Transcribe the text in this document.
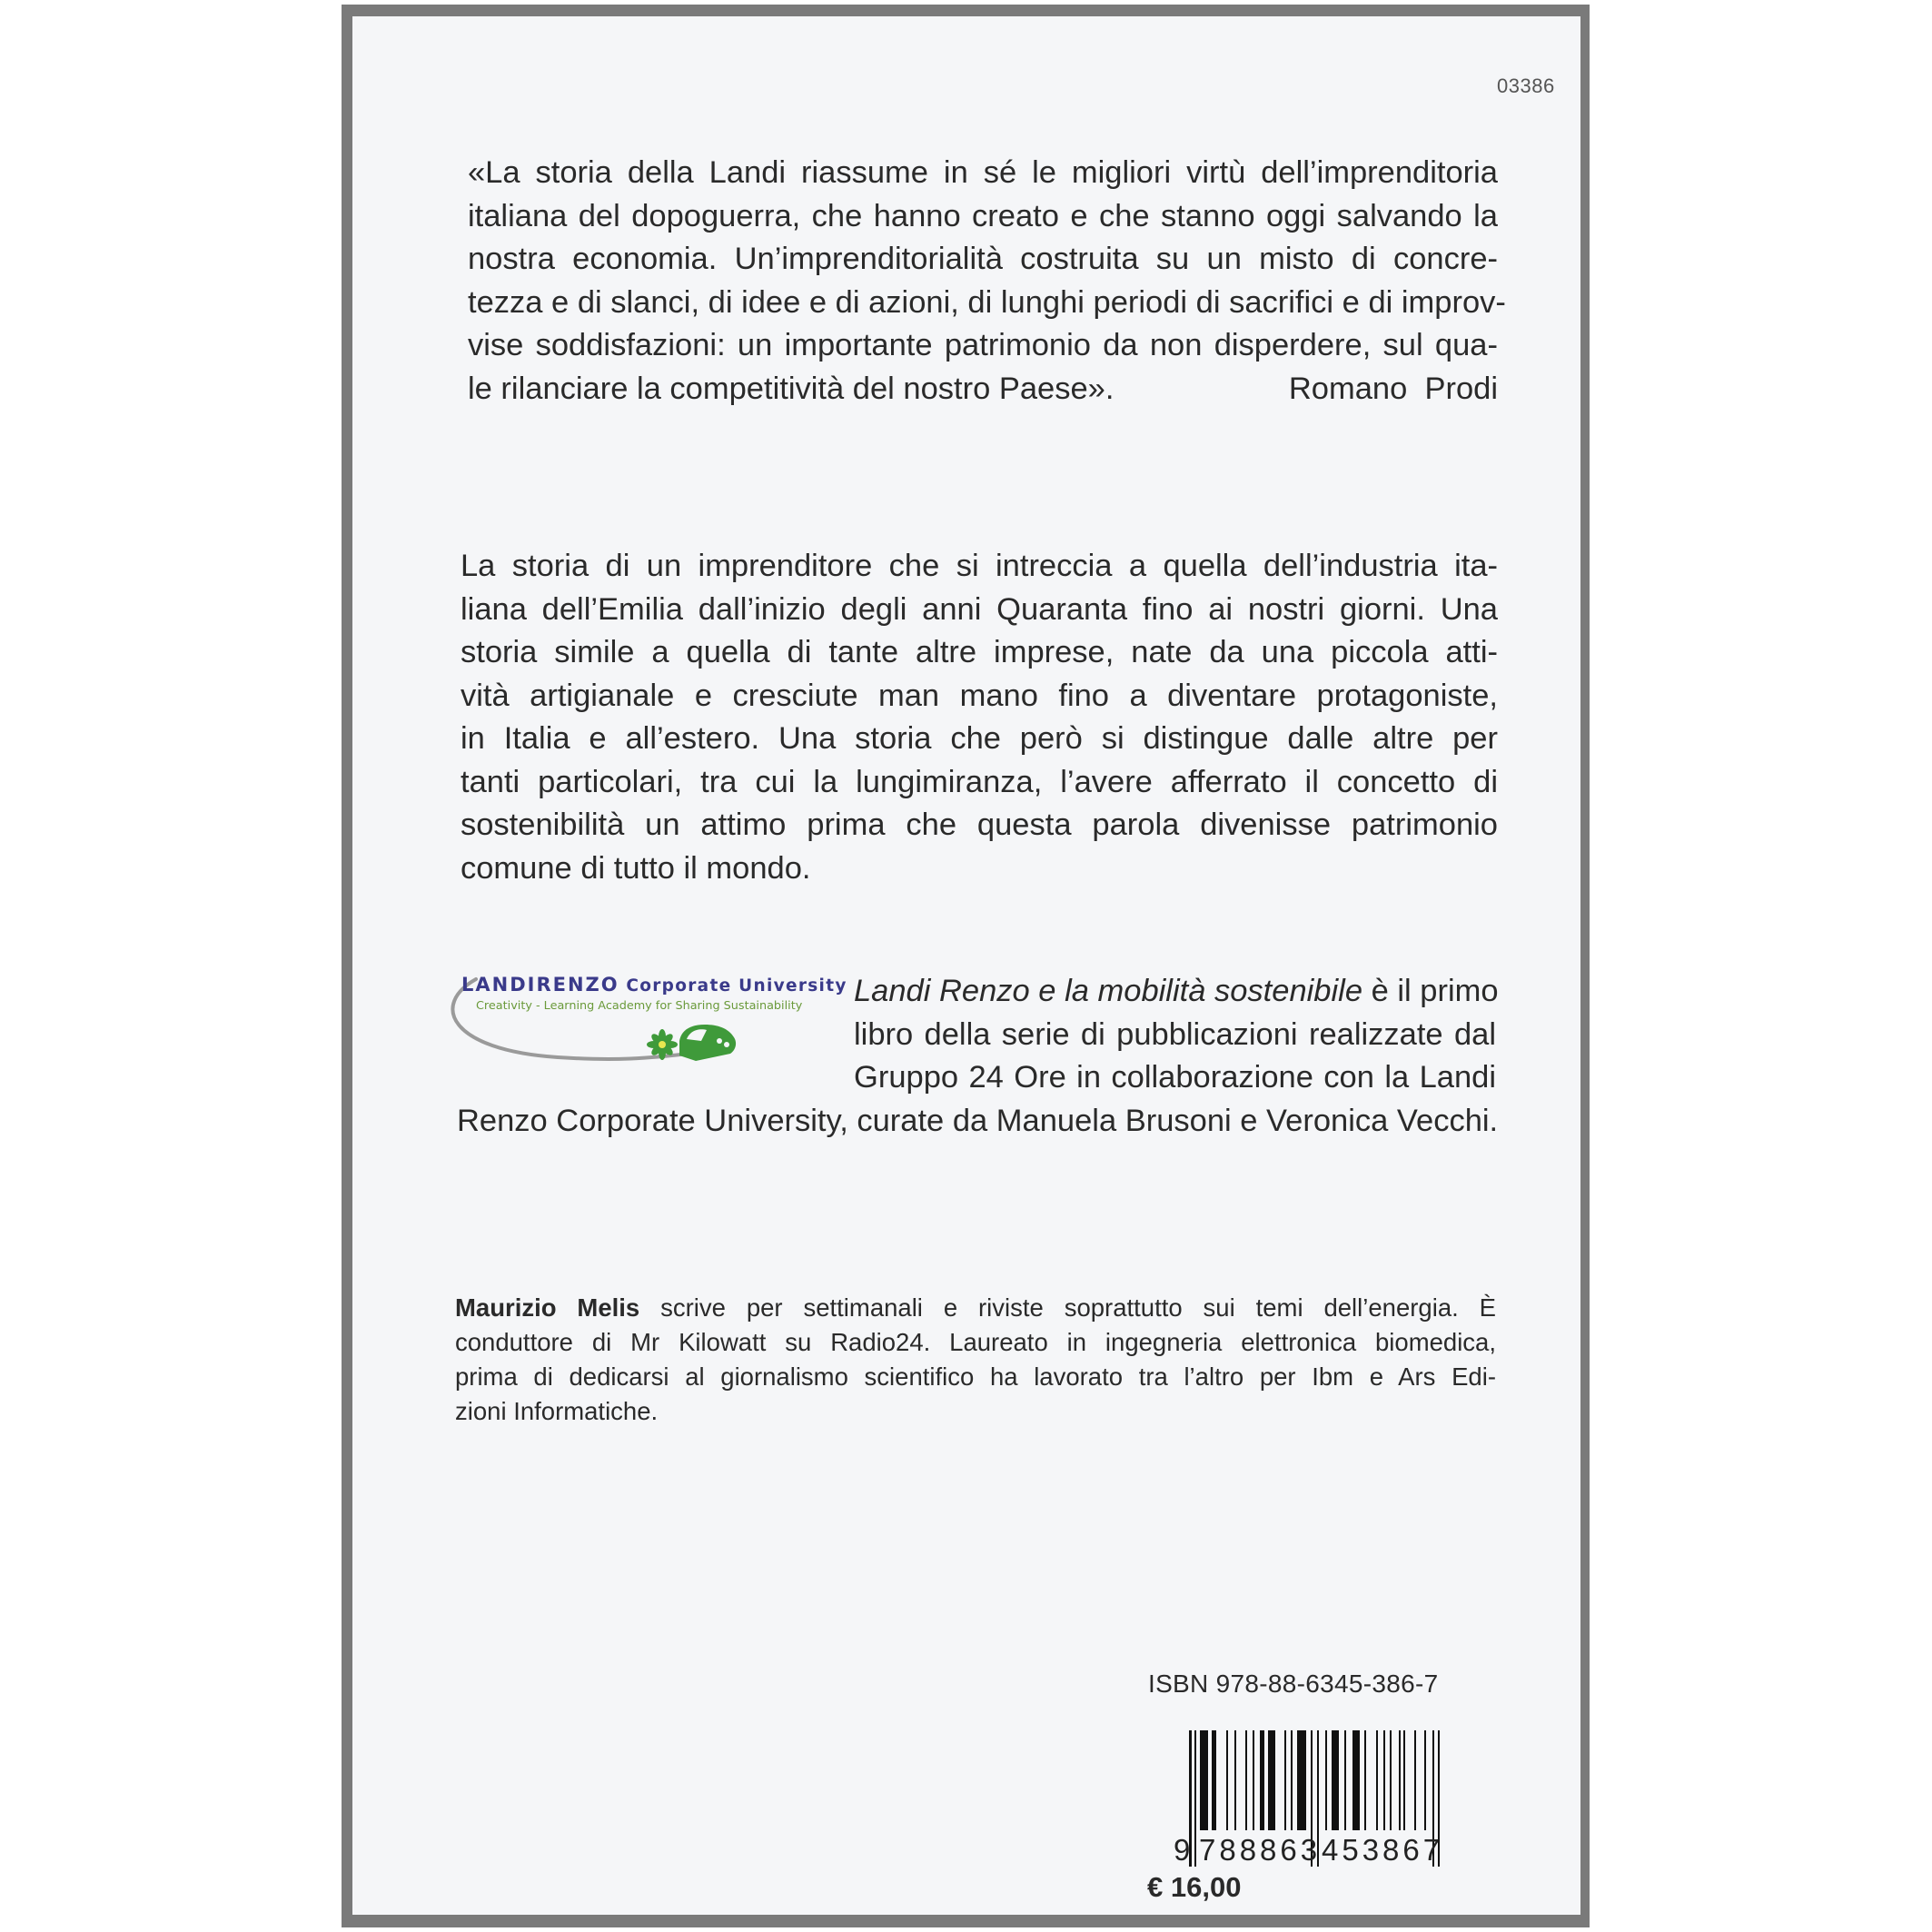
03386
«La storia della Landi riassume in sé le migliori virtù dell’imprenditoria
italiana del dopoguerra, che hanno creato e che stanno oggi salvando la
nostra economia. Un’imprenditorialità costruita su un misto di concre-
tezza e di slanci, di idee e di azioni, di lunghi periodi di sacrifici e di improv-
vise soddisfazioni: un importante patrimonio da non disperdere, sul qua-
le rilanciare la competitività del nostro Paese».	Romano  Prodi
La storia di un imprenditore che si intreccia a quella dell’industria ita-
liana dell’Emilia dall’inizio degli anni Quaranta fino ai nostri giorni. Una
storia simile a quella di tante altre imprese, nate da una piccola atti-
vità artigianale e cresciute man mano fino a diventare protagoniste,
in Italia e all’estero. Una storia che però si distingue dalle altre per
tanti particolari, tra cui la lungimiranza, l’avere afferrato il concetto di
sostenibilità un attimo prima che questa parola divenisse patrimonio
comune di tutto il mondo.
LANDIRENZO Corporate University
Creativity - Learning Academy for Sharing Sustainability Landi Renzo e la mobilità sostenibile è il primo
libro della serie di pubblicazioni realizzate dal
Gruppo 24 Ore in collaborazione con la Landi
Renzo Corporate University, curate da Manuela Brusoni e Veronica Vecchi.
Maurizio Melis scrive per settimanali e riviste soprattutto sui temi dell’energia. È
conduttore di Mr Kilowatt su Radio24. Laureato in ingegneria elettronica biomedica,
prima di dedicarsi al giornalismo scientifico ha lavorato tra l’altro per Ibm e Ars Edi-
zioni Informatiche.
ISBN 978-88-6345-386-7
9 788863 453867
€ 16,00
